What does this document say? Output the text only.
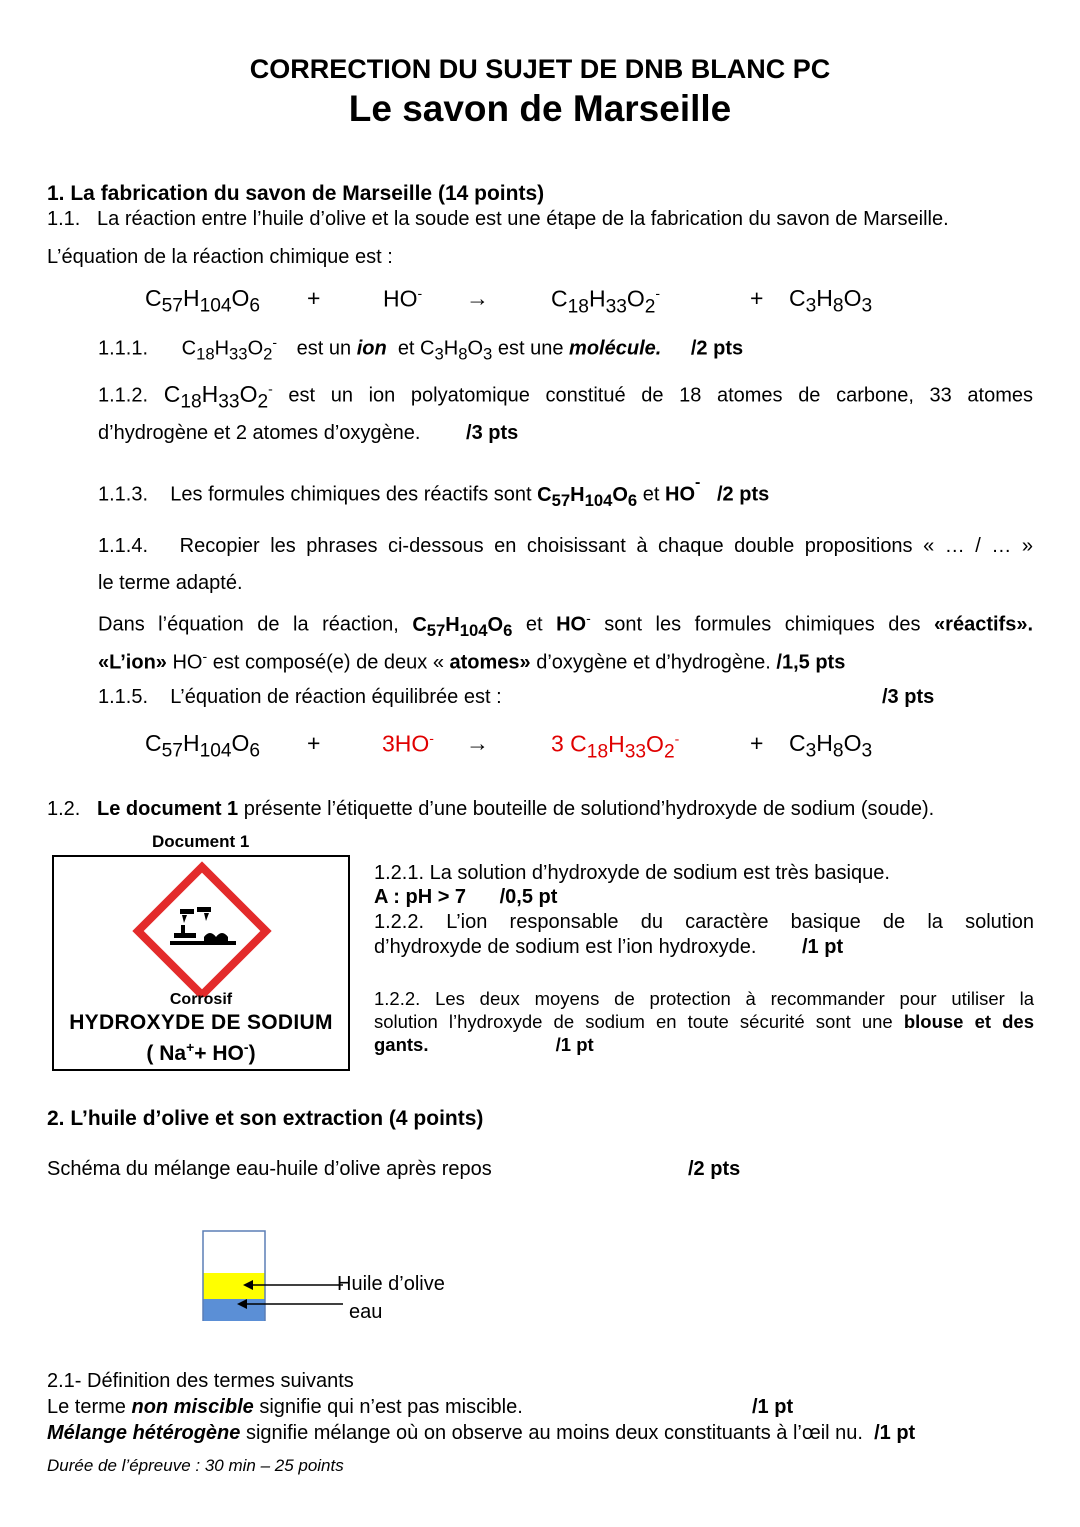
CORRECTION DU SUJET DE DNB BLANC PC
Le savon de Marseille
1. La fabrication du savon de Marseille (14 points)
1.1. La réaction entre l’huile d’olive et la soude est une étape de la fabrication du savon de Marseille.
L’équation de la réaction chimique est :
$C_{57}H_{104}O_6$ +	HO- →	$C_{18}H_{33}O_2^-$	+ $C_3H_8O_3$
1.1.1. $C_{18}H_{33}O_2^-$ est un ion et $C_3H_8O_3$ est une molécule. /2 pts
1.1.2. $C_{18}H_{33}O_2^-$ est un ion polyatomique constitué de 18 atomes de carbone, 33 atomes
d’hydrogène et 2 atomes d’oxygène. /3 pts
1.1.3. Les formules chimiques des réactifs sont $C_{57}H_{104}O_6$ et HO-   /2 pts
1.1.4. Recopier les phrases ci-dessous en choisissant à chaque double propositions « … / … »
le terme adapté.
Dans l’équation de la réaction, $C_{57}H_{104}O_6$ et HO- sont les formules chimiques des «réactifs».
«L’ion» HO- est composé(e) de deux « atomes» d’oxygène et d’hydrogène. /1,5 pts
1.1.5. L’équation de réaction équilibrée est :	/3 pts
$C_{57}H_{104}O_6$ +	3HO- →	3 $C_{18}H_{33}O_2^-$	+ $C_3H_8O_3$
1.2. Le document 1 présente l’étiquette d’une bouteille de solutiond’hydroxyde de sodium (soude).
Document 1
Corrosif
HYDROXYDE DE SODIUM
( Na++ HO-)
1.2.1. La solution d’hydroxyde de sodium est très basique.
A : pH > 7 /0,5 pt
1.2.2. L’ion responsable du caractère basique de la solution
d’hydroxyde de sodium est l’ion hydroxyde. /1 pt
1.2.2. Les deux moyens de protection à recommander pour utiliser la
solution l’hydroxyde de sodium en toute sécurité sont une blouse et des
gants.	/1 pt
2. L’huile d’olive et son extraction (4 points)
Schéma du mélange eau-huile d’olive après repos	/2 pts
Huile d’olive
eau
2.1- Définition des termes suivants
Le terme non miscible signifie qui n’est pas miscible.	/1 pt
Mélange hétérogène signifie mélange où on observe au moins deux constituants à l’œil nu. /1 pt
Durée de l’épreuve : 30 min – 25 points
